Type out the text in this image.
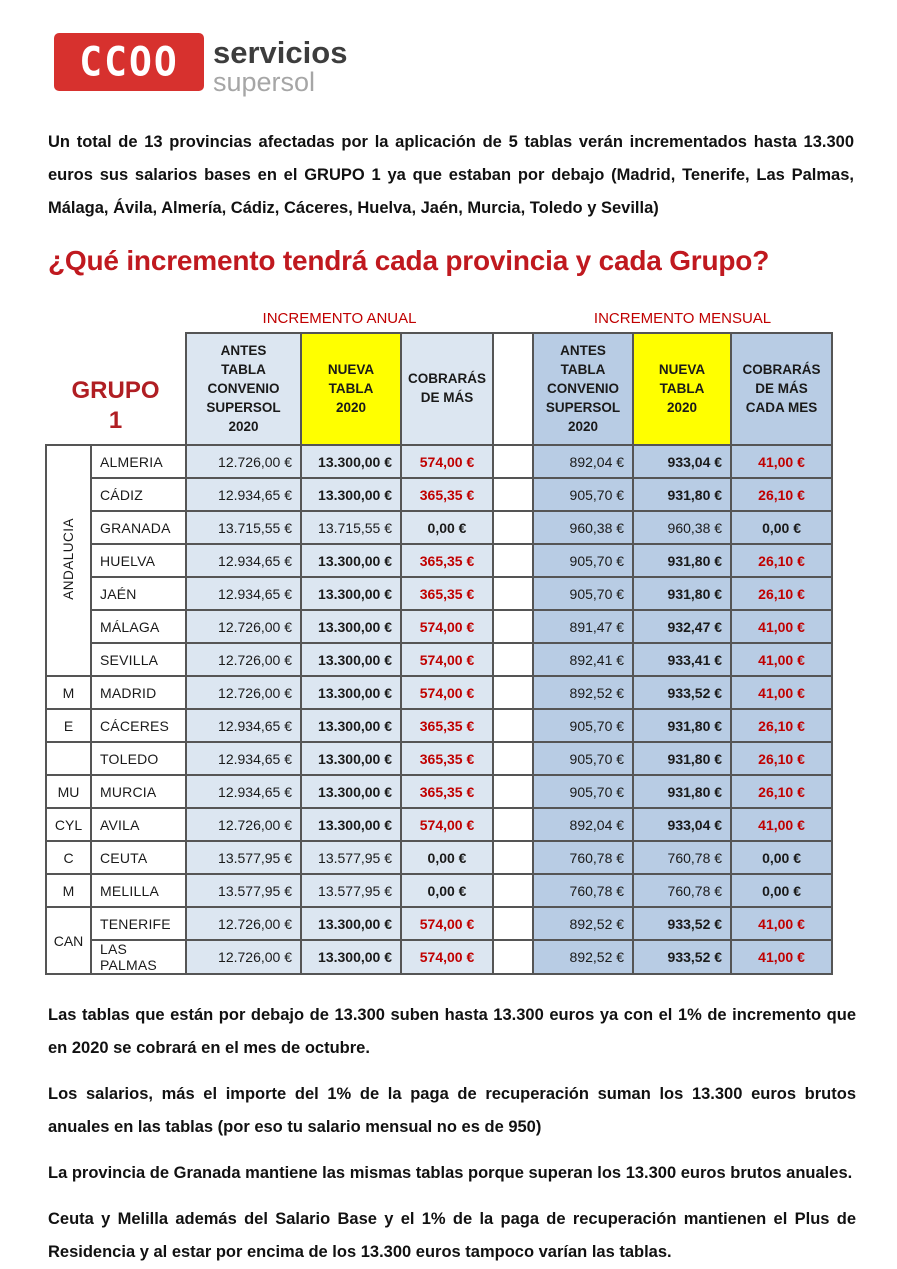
CCOO servicios
supersol

Un total de 13 provincias afectadas por la aplicación de 5 tablas verán incrementados hasta 13.300 euros sus salarios bases en el GRUPO 1 ya que estaban por debajo (Madrid, Tenerife, Las Palmas, Málaga, Ávila, Almería, Cádiz, Cáceres, Huelva, Jaén, Murcia, Toledo y Sevilla)

¿Qué incremento tendrá cada provincia y cada Grupo?
		INCREMENTO ANUAL				INCREMENTO MENSUAL		
GRUPO 1		ANTES TABLA CONVENIO SUPERSOL 2020	NUEVA TABLA 2020	COBRARÁS DE MÁS		ANTES TABLA CONVENIO SUPERSOL 2020	NUEVA TABLA 2020	COBRARÁS DE MÁS CADA MES
ANDALUCIA	ALMERIA	12.726,00 €	13.300,00 €	574,00 €		892,04 €	933,04 €	41,00 €
	CÁDIZ	12.934,65 €	13.300,00 €	365,35 €		905,70 €	931,80 €	26,10 €
	GRANADA	13.715,55 €	13.715,55 €	0,00 €		960,38 €	960,38 €	0,00 €
	HUELVA	12.934,65 €	13.300,00 €	365,35 €		905,70 €	931,80 €	26,10 €
	JAÉN	12.934,65 €	13.300,00 €	365,35 €		905,70 €	931,80 €	26,10 €
	MÁLAGA	12.726,00 €	13.300,00 €	574,00 €		891,47 €	932,47 €	41,00 €
	SEVILLA	12.726,00 €	13.300,00 €	574,00 €		892,41 €	933,41 €	41,00 €

M	MADRID	12.726,00 €	13.300,00 €	574,00 €		892,52 €	933,52 €	41,00 €

E	CÁCERES	12.934,65 €	13.300,00 €	365,35 €		905,70 €	931,80 €	26,10 €

	TOLEDO	12.934,65 €	13.300,00 €	365,35 €		905,70 €	931,80 €	26,10 €

MU	MURCIA	12.934,65 €	13.300,00 €	365,35 €		905,70 €	931,80 €	26,10 €

CYL	AVILA	12.726,00 €	13.300,00 €	574,00 €		892,04 €	933,04 €	41,00 €

C	CEUTA	13.577,95 €	13.577,95 €	0,00 €		760,78 €	760,78 €	0,00 €

M	MELILLA	13.577,95 €	13.577,95 €	0,00 €		760,78 €	760,78 €	0,00 €

CAN	TENERIFE	12.726,00 €	13.300,00 €	574,00 €		892,52 €	933,52 €	41,00 €
	LAS PALMAS	12.726,00 €	13.300,00 €	574,00 €		892,52 €	933,52 €	41,00 €

Las tablas que están por debajo de 13.300 suben hasta 13.300 euros ya con el 1% de incremento que en 2020 se cobrará en el mes de octubre.

Los salarios, más el importe del 1% de la paga de recuperación suman los 13.300 euros brutos anuales en las tablas (por eso tu salario mensual no es de 950)

La provincia de Granada mantiene las mismas tablas porque superan los 13.300 euros brutos anuales.

Ceuta y Melilla además del Salario Base y el 1% de la paga de recuperación mantienen el Plus de Residencia y al estar por encima de los 13.300 euros tampoco varían las tablas.
